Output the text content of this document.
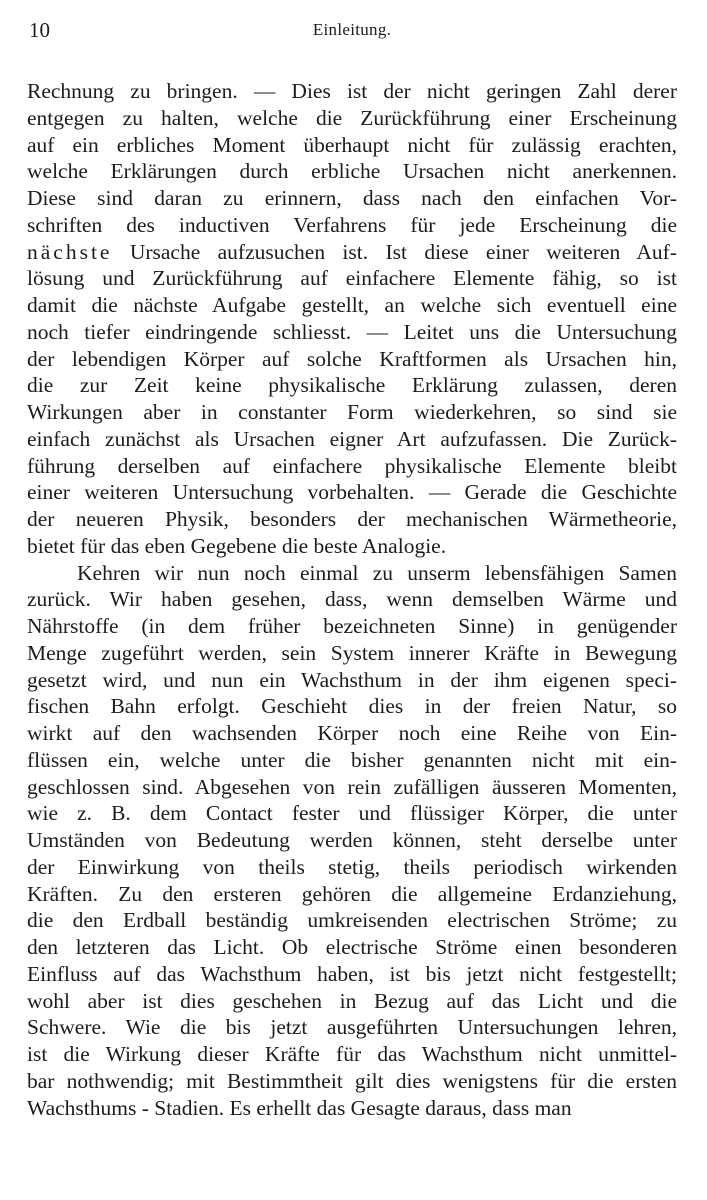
10	Einleitung.
Rechnung zu bringen. — Dies ist der nicht geringen Zahl derer
entgegen zu halten, welche die Zurückführung einer Erscheinung
auf ein erbliches Moment überhaupt nicht für zulässig erachten,
welche Erklärungen durch erbliche Ursachen nicht anerkennen.
Diese sind daran zu erinnern, dass nach den einfachen Vor-
schriften des inductiven Verfahrens für jede Erscheinung die
nächste Ursache aufzusuchen ist. Ist diese einer weiteren Auf-
lösung und Zurückführung auf einfachere Elemente fähig, so ist
damit die nächste Aufgabe gestellt, an welche sich eventuell eine
noch tiefer eindringende schliesst. — Leitet uns die Untersuchung
der lebendigen Körper auf solche Kraftformen als Ursachen hin,
die zur Zeit keine physikalische Erklärung zulassen, deren
Wirkungen aber in constanter Form wiederkehren, so sind sie
einfach zunächst als Ursachen eigner Art aufzufassen. Die Zurück-
führung derselben auf einfachere physikalische Elemente bleibt
einer weiteren Untersuchung vorbehalten. — Gerade die Geschichte
der neueren Physik, besonders der mechanischen Wärmetheorie,
bietet für das eben Gegebene die beste Analogie.
Kehren wir nun noch einmal zu unserm lebensfähigen Samen
zurück. Wir haben gesehen, dass, wenn demselben Wärme und
Nährstoffe (in dem früher bezeichneten Sinne) in genügender
Menge zugeführt werden, sein System innerer Kräfte in Bewegung
gesetzt wird, und nun ein Wachsthum in der ihm eigenen speci-
fischen Bahn erfolgt. Geschieht dies in der freien Natur, so
wirkt auf den wachsenden Körper noch eine Reihe von Ein-
flüssen ein, welche unter die bisher genannten nicht mit ein-
geschlossen sind. Abgesehen von rein zufälligen äusseren Momenten,
wie z. B. dem Contact fester und flüssiger Körper, die unter
Umständen von Bedeutung werden können, steht derselbe unter
der Einwirkung von theils stetig, theils periodisch wirkenden
Kräften. Zu den ersteren gehören die allgemeine Erdanziehung,
die den Erdball beständig umkreisenden electrischen Ströme; zu
den letzteren das Licht. Ob electrische Ströme einen besonderen
Einfluss auf das Wachsthum haben, ist bis jetzt nicht festgestellt;
wohl aber ist dies geschehen in Bezug auf das Licht und die
Schwere. Wie die bis jetzt ausgeführten Untersuchungen lehren,
ist die Wirkung dieser Kräfte für das Wachsthum nicht unmittel-
bar nothwendig; mit Bestimmtheit gilt dies wenigstens für die ersten
Wachsthums - Stadien. Es erhellt das Gesagte daraus, dass man
